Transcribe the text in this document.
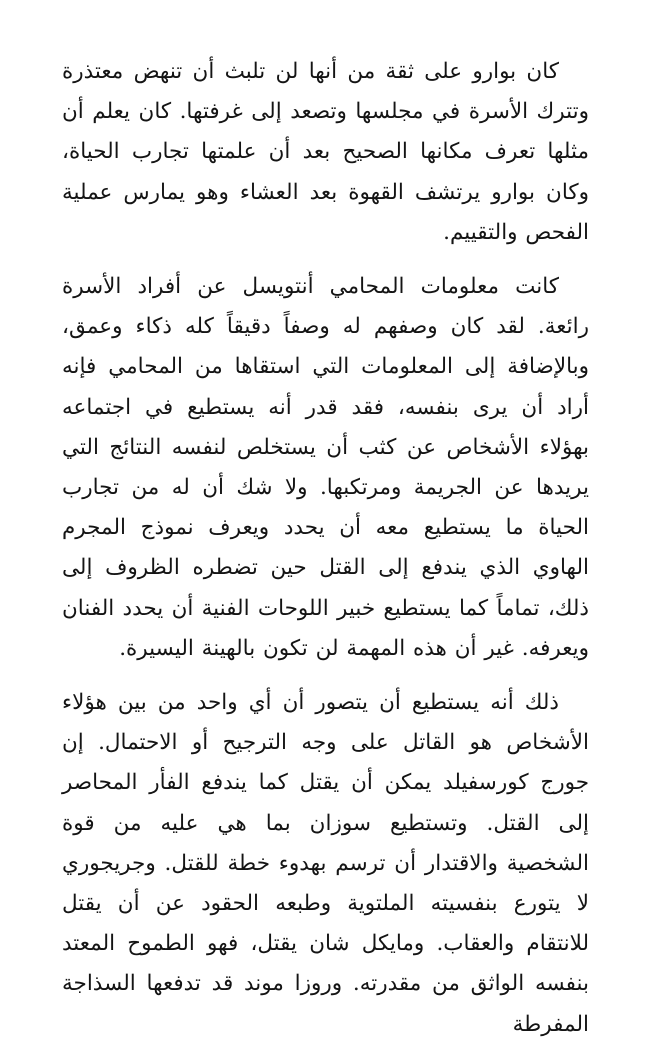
كان بوارو على ثقة من أنها لن تلبث أن تنهض معتذرة وتترك الأسرة في مجلسها وتصعد إلى غرفتها. كان يعلم أن مثلها تعرف مكانها الصحيح بعد أن علمتها تجارب الحياة، وكان بوارو يرتشف القهوة بعد العشاء وهو يمارس عملية الفحص والتقييم.

كانت معلومات المحامي أنتويسل عن أفراد الأسرة رائعة. لقد كان وصفهم له وصفاً دقيقاً كله ذكاء وعمق، وبالإضافة إلى المعلومات التي استقاها من المحامي فإنه أراد أن يرى بنفسه، فقد قدر أنه يستطيع في اجتماعه بهؤلاء الأشخاص عن كثب أن يستخلص لنفسه النتائج التي يريدها عن الجريمة ومرتكبها. ولا شك أن له من تجارب الحياة ما يستطيع معه أن يحدد ويعرف نموذج المجرم الهاوي الذي يندفع إلى القتل حين تضطره الظروف إلى ذلك، تماماً كما يستطيع خبير اللوحات الفنية أن يحدد الفنان ويعرفه. غير أن هذه المهمة لن تكون بالهينة اليسيرة.

ذلك أنه يستطيع أن يتصور أن أي واحد من بين هؤلاء الأشخاص هو القاتل على وجه الترجيح أو الاحتمال. إن جورج كورسفيلد يمكن أن يقتل كما يندفع الفأر المحاصر إلى القتل. وتستطيع سوزان بما هي عليه من قوة الشخصية والاقتدار أن ترسم بهدوء خطة للقتل. وجريجوري لا يتورع بنفسيته الملتوية وطبعه الحقود عن أن يقتل للانتقام والعقاب. ومايكل شان يقتل، فهو الطموح المعتد بنفسه الواثق من مقدرته. وروزا موند قد تدفعها السذاجة المفرطة
